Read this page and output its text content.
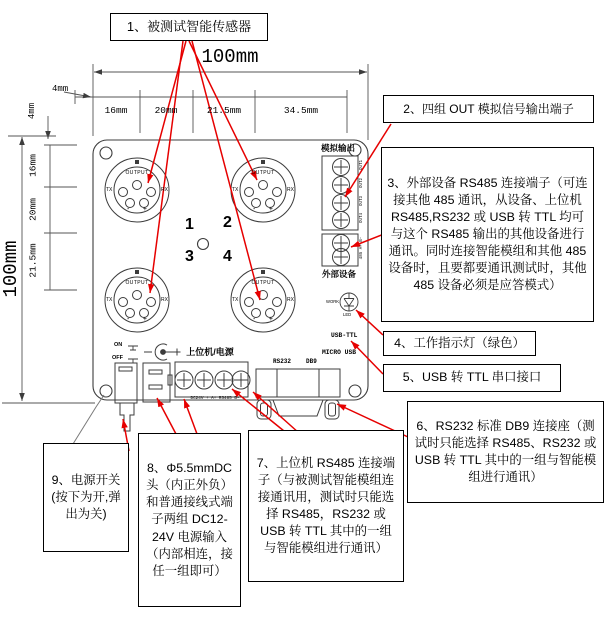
100mm
16mm	20mm	21.5mm	34.5mm
4mm
4mm
16mm
20mm
21.5mm
100mm
OUTPUT
TX	RX
- +
OUTPUT
TX	RX
- +
OUTPUT
TX	RX
- +
OUTPUT
TX	RX
- +
1 2
3 4
模拟输出
OUT1
OUT2
OUT3
OUT4
外部设备
485 A+ B-
WORK
LED
USB-TTL
MICRO USB
ON
OFF
上位机/电源
DC24V + A+ RS485 B-
RS232 DB9
1、被测试智能传感器
2、四组 OUT 模拟信号输出端子
3、外部设备 RS485 连接端子（可连接其他 485 通讯，从设备、上位机 RS485,RS232 或 USB 转 TTL 均可与这个 RS485 输出的其他设备进行通讯。同时连接智能模组和其他 485 设备时，且要都要通讯测试时，其他 485 设备必须是应答模式）
4、工作指示灯（绿色）
5、USB 转 TTL 串口接口
6、RS232 标准 DB9 连接座（测试时只能选择 RS485、RS232 或 USB 转 TTL 其中的一组与智能模组进行通讯）
7、上位机 RS485 连接端子（与被测试智能模组连接通讯用，测试时只能选择 RS485，RS232 或 USB 转 TTL 其中的一组与智能模组进行通讯）
8、Φ5.5mmDC 头（内正外负）和普通接线式端子两组 DC12-24V 电源输入（内部相连，接任一组即可）
9、电源开关(按下为开,弹出为关)
